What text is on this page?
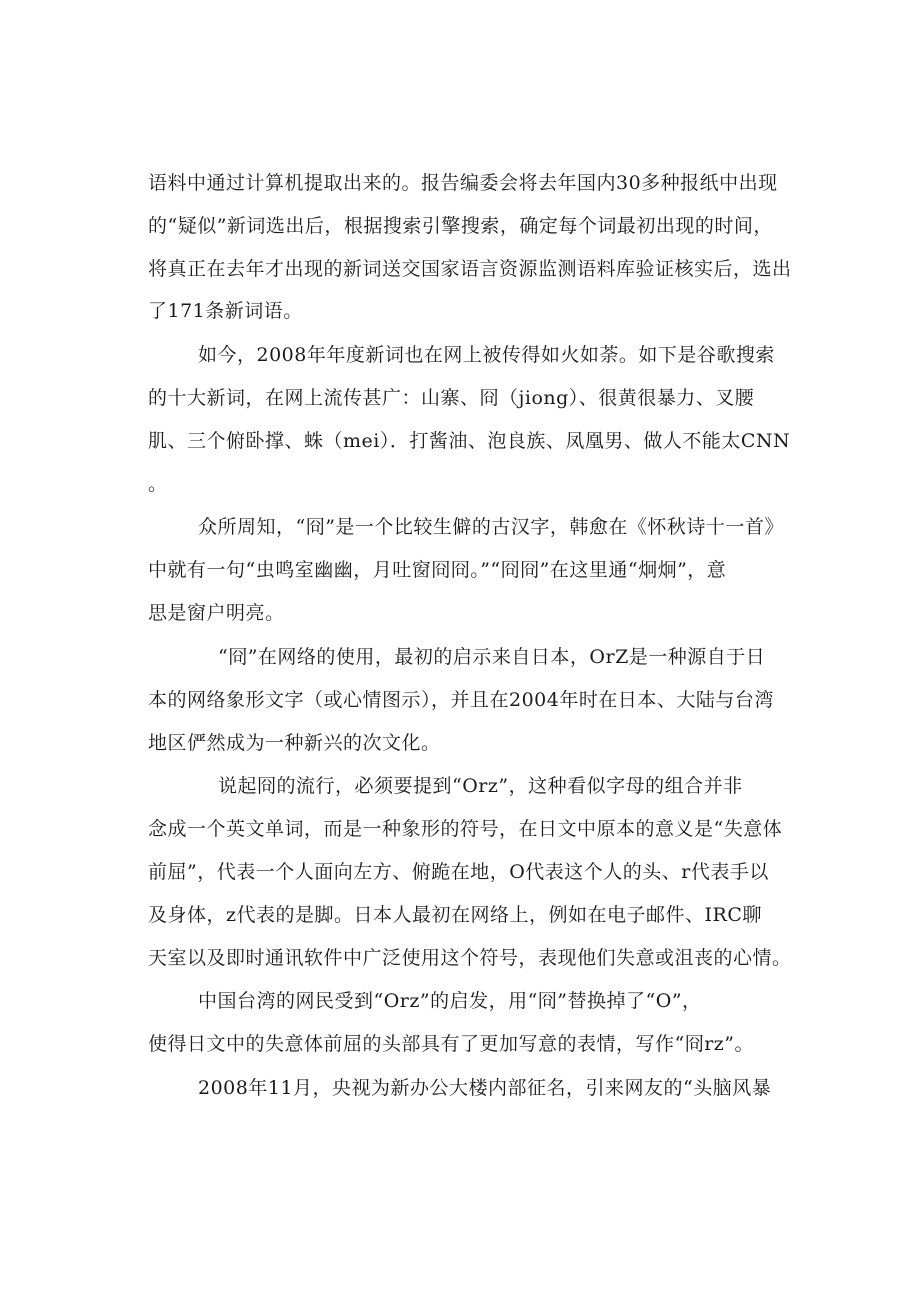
语料中通过计算机提取出来的。报告编委会将去年国内30多种报纸中出现
的“疑似”新词选出后，根据搜索引擎搜索，确定每个词最初出现的时间，
将真正在去年才出现的新词送交国家语言资源监测语料库验证核实后，选出
了171条新词语。
如今，2008年年度新词也在网上被传得如火如荼。如下是谷歌搜索
的十大新词，在网上流传甚广：山寨、冏（jiong）、很黄很暴力、叉腰
肌、三个俯卧撑、蛛（mei）．打酱油、泡良族、凤凰男、做人不能太CNN
。
众所周知，“冏”是一个比较生僻的古汉字，韩愈在《怀秋诗十一首》
中就有一句“虫鸣室幽幽，月吐窗冏冏。”“冏冏”在这里通“炯炯”，意
思是窗户明亮。
“冏”在网络的使用，最初的启示来自日本，OrZ是一种源自于日
本的网络象形文字（或心情图示），并且在2004年时在日本、大陆与台湾
地区俨然成为一种新兴的次文化。
说起冏的流行，必须要提到“Orz”，这种看似字母的组合并非
念成一个英文单词，而是一种象形的符号，在日文中原本的意义是“失意体
前屈”，代表一个人面向左方、俯跪在地，O代表这个人的头、r代表手以
及身体，z代表的是脚。日本人最初在网络上，例如在电子邮件、IRC聊
天室以及即时通讯软件中广泛使用这个符号，表现他们失意或沮丧的心情。
中国台湾的网民受到“Orz”的启发，用“冏”替换掉了“O”，
使得日文中的失意体前屈的头部具有了更加写意的表情，写作“冏rz”。
2008年11月，央视为新办公大楼内部征名，引来网友的“头脑风暴
